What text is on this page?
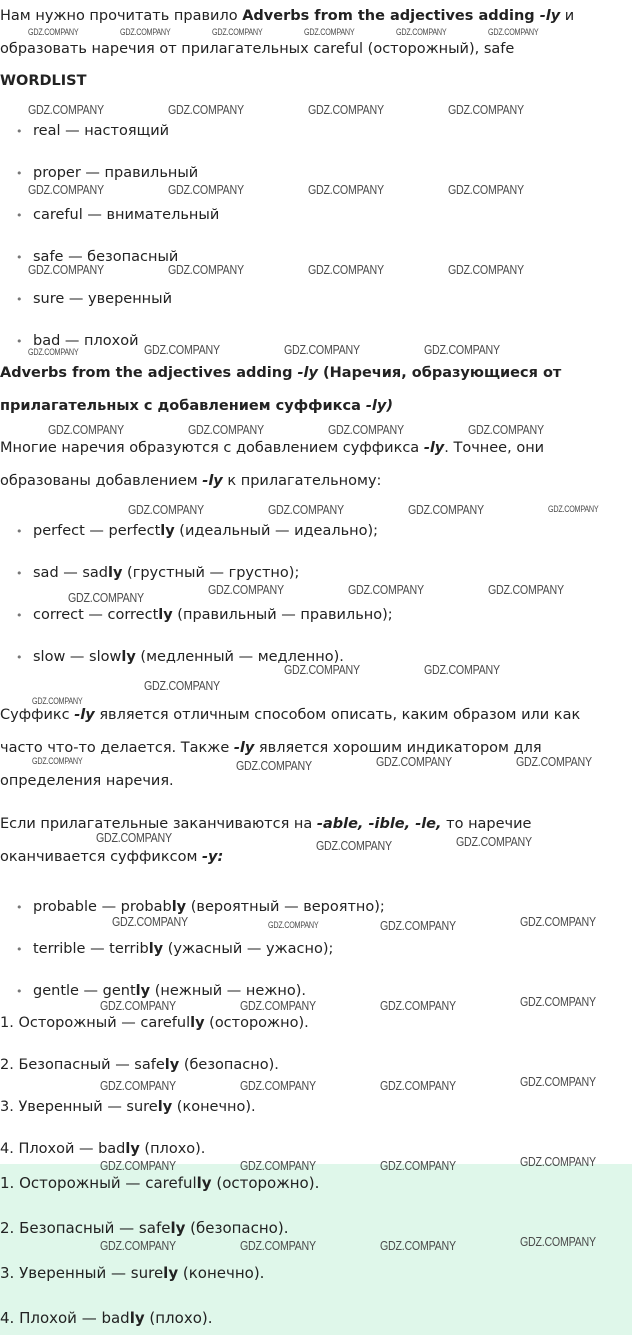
Нам нужно прочитать правило Adverbs from the adjectives adding -ly и
образовать наречия от прилагательных careful (осторожный), safe
WORDLIST
• real — настоящий
• proper — правильный
• careful — внимательный
• safe — безопасный
• sure — уверенный
• bad — плохой
Adverbs from the adjectives adding -ly (Наречия, образующиеся от
прилагательных с добавлением суффикса -ly)
Многие наречия образуются с добавлением суффикса -ly. Точнее, они
образованы добавлением -ly к прилагательному:
• perfect — perfectly (идеальный — идеально);
• sad — sadly (грустный — грустно);
• correct — correctly (правильный — правильно);
• slow — slowly (медленный — медленно).
Суффикс -ly является отличным способом описать, каким образом или как
часто что-то делается. Также -ly является хорошим индикатором для
определения наречия.
Если прилагательные заканчиваются на -able, -ible, -le, то наречие
оканчивается суффиксом -y:
• probable — probably (вероятный — вероятно);
• terrible — terribly (ужасный — ужасно);
• gentle — gently (нежный — нежно).
1. Осторожный — carefully (осторожно).
2. Безопасный — safely (безопасно).
3. Уверенный — surely (конечно).
4. Плохой — badly (плохо).
1. Осторожный — carefully (осторожно).
2. Безопасный — safely (безопасно).
3. Уверенный — surely (конечно).
4. Плохой — badly (плохо).
GDZ.COMPANY	GDZ.COMPANY	GDZ.COMPANY	GDZ.COMPANY	GDZ.COMPANY	GDZ.COMPANY
GDZ.COMPANY	GDZ.COMPANY	GDZ.COMPANY	GDZ.COMPANY
GDZ.COMPANY	GDZ.COMPANY	GDZ.COMPANY	GDZ.COMPANY
GDZ.COMPANY	GDZ.COMPANY	GDZ.COMPANY	GDZ.COMPANY
GDZ.COMPANY	GDZ.COMPANY	GDZ.COMPANY	GDZ.COMPANY
GDZ.COMPANY	GDZ.COMPANY	GDZ.COMPANY	GDZ.COMPANY
GDZ.COMPANY	GDZ.COMPANY	GDZ.COMPANY	GDZ.COMPANY
GDZ.COMPANY
GDZ.COMPANY	GDZ.COMPANY	GDZ.COMPANY
GDZ.COMPANY	GDZ.COMPANY
GDZ.COMPANY
GDZ.COMPANY
GDZ.COMPANY	GDZ.COMPANY	GDZ.COMPANY	GDZ.COMPANY
GDZ.COMPANY
GDZ.COMPANY	GDZ.COMPANY
GDZ.COMPANY	GDZ.COMPANY	GDZ.COMPANY	GDZ.COMPANY
GDZ.COMPANY	GDZ.COMPANY	GDZ.COMPANY	GDZ.COMPANY
GDZ.COMPANY	GDZ.COMPANY	GDZ.COMPANY	GDZ.COMPANY
GDZ.COMPANY	GDZ.COMPANY	GDZ.COMPANY	GDZ.COMPANY
GDZ.COMPANY	GDZ.COMPANY	GDZ.COMPANY	GDZ.COMPANY
